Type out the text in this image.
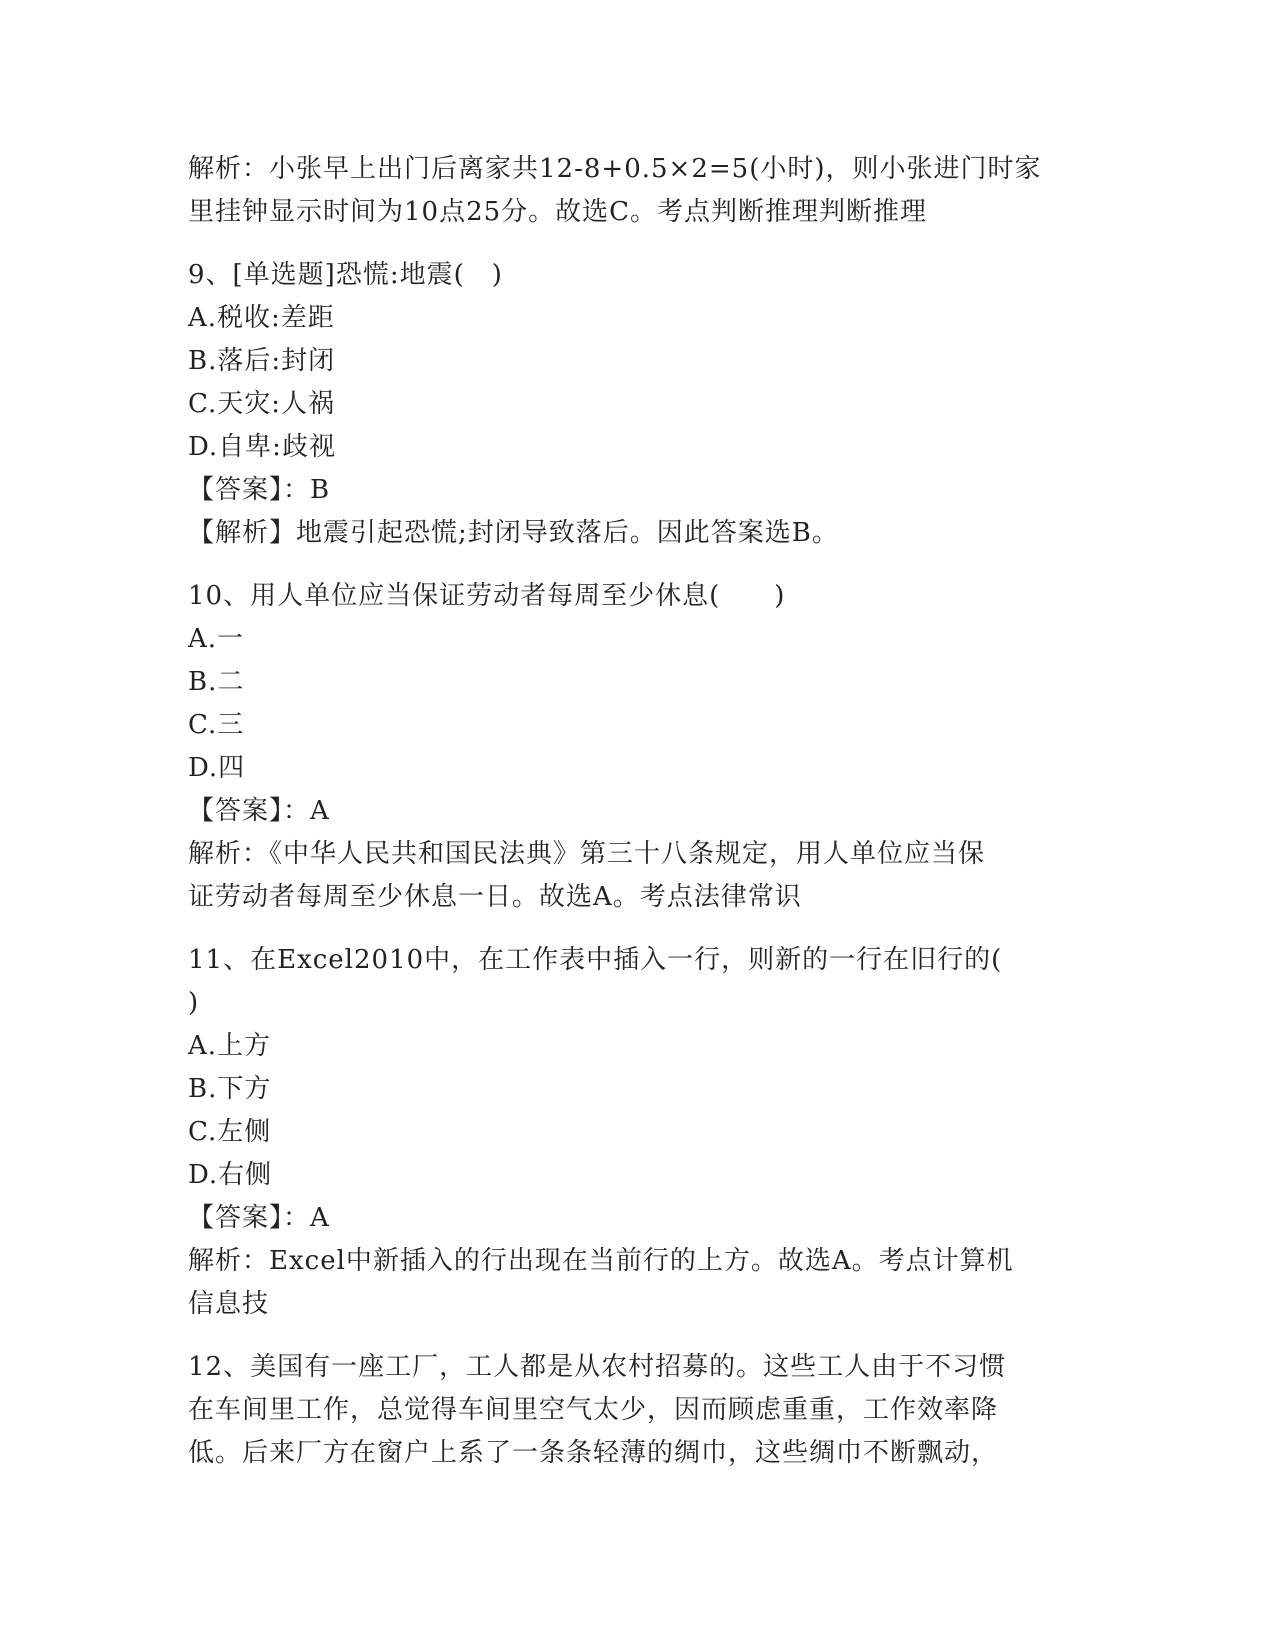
解析：小张早上出门后离家共12-8+0.5×2=5(小时)，则小张进门时家
里挂钟显示时间为10点25分。故选C。考点判断推理判断推理
9、[单选题]恐慌:地震(　)
A.税收:差距
B.落后:封闭
C.天灾:人祸
D.自卑:歧视
【答案】：B
【解析】地震引起恐慌;封闭导致落后。因此答案选B。
10、用人单位应当保证劳动者每周至少休息(　　)
A.一
B.二
C.三
D.四
【答案】：A
解析：《中华人民共和国民法典》第三十八条规定，用人单位应当保
证劳动者每周至少休息一日。故选A。考点法律常识
11、在Excel2010中，在工作表中插入一行，则新的一行在旧行的(
)
A.上方
B.下方
C.左侧
D.右侧
【答案】：A
解析：Excel中新插入的行出现在当前行的上方。故选A。考点计算机
信息技
12、美国有一座工厂，工人都是从农村招募的。这些工人由于不习惯
在车间里工作，总觉得车间里空气太少，因而顾虑重重，工作效率降
低。后来厂方在窗户上系了一条条轻薄的绸巾，这些绸巾不断飘动，
